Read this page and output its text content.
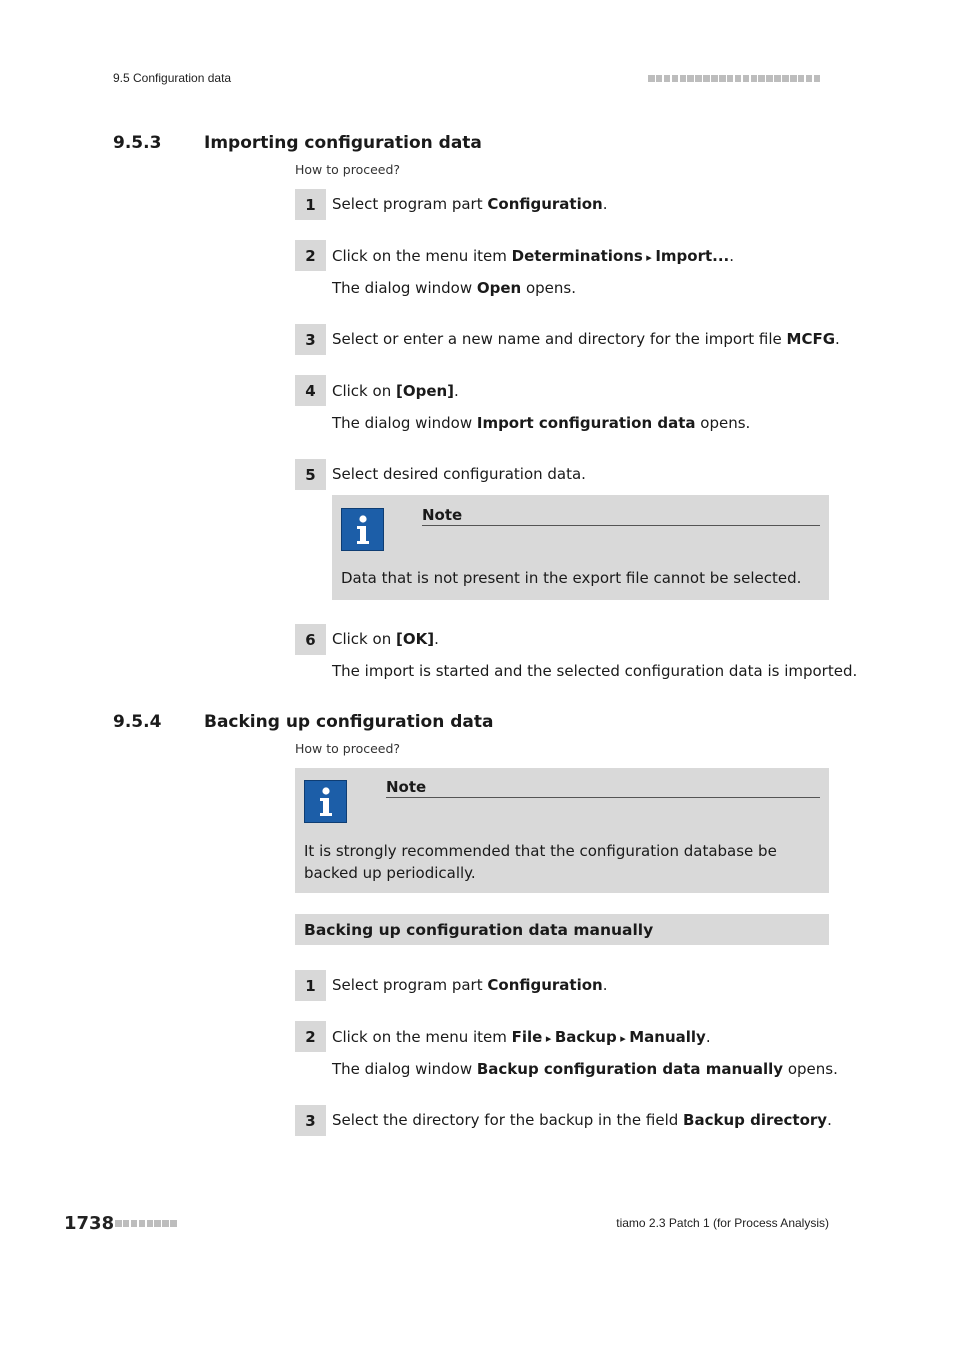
9.5 Configuration data
9.5.3	Importing configuration data
How to proceed?
1	Select program part Configuration.
2	Click on the menu item Determinations ▸ Import....
The dialog window Open opens.
3	Select or enter a new name and directory for the import file MCFG.
4	Click on [Open].
The dialog window Import configuration data opens.
5	Select desired configuration data.
Note
Data that is not present in the export file cannot be selected.
6	Click on [OK].
The import is started and the selected configuration data is imported.
9.5.4	Backing up configuration data
How to proceed?
Note
It is strongly recommended that the configuration database be backed up periodically.
Backing up configuration data manually
1	Select program part Configuration.
2	Click on the menu item File ▸ Backup ▸ Manually.
The dialog window Backup configuration data manually opens.
3	Select the directory for the backup in the field Backup directory.
1738	tiamo 2.3 Patch 1 (for Process Analysis)
